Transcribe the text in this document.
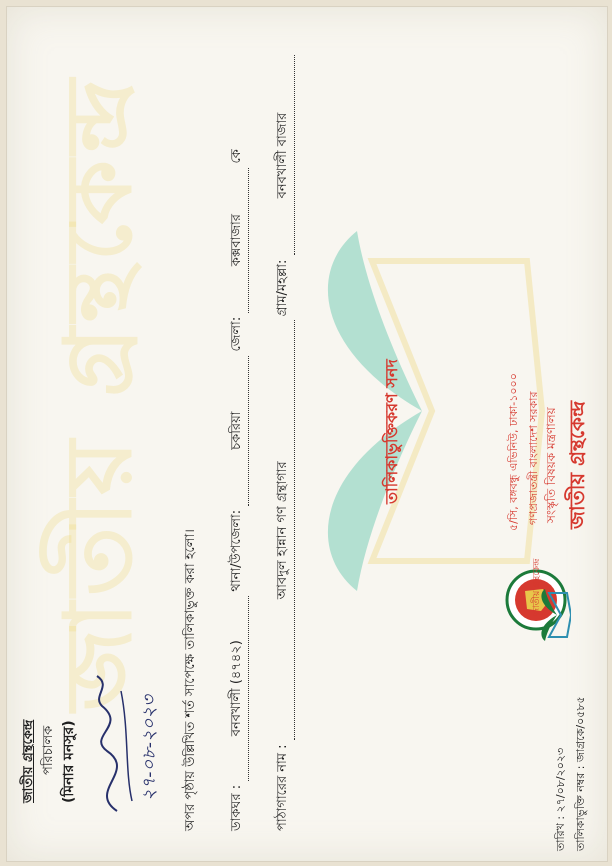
জাতীয় গ্রন্থকেন্দ্র	জাতীয় গ্রন্থকেন্দ্র
সংস্কৃতি বিষয়ক মন্ত্রণালয়
গণপ্রজাতন্ত্রী বাংলাদেশ সরকার
৫/সি, বঙ্গবন্ধু এভিনিউ, ঢাকা-১০০০
তালিকাভুক্তিকরণ সনদ
জাতীয় গ্রন্থকেন্দ্র
তালিকাভুক্তি নম্বর : জাগ্রকে/০৫৮৫
তারিখ : ২৭/০৮/২০২৩
পাঠাগারের নাম : আবদুল হান্নান গণ গ্রন্থাগার গ্রাম/মহল্লা: বনবখালী বাজার
ডাকঘর : বনবখালী (৪৭৪২) থানা/উপজেলা: চকরিয়া জেলা: কক্সবাজার কে
অপর পৃষ্ঠায় উল্লিখিত শর্ত সাপেক্ষে তালিকাভুক্ত করা হলো।
২৭-০৮-২০২৩
(মিনার মনসুর)
পরিচালক
জাতীয় গ্রন্থকেন্দ্র
